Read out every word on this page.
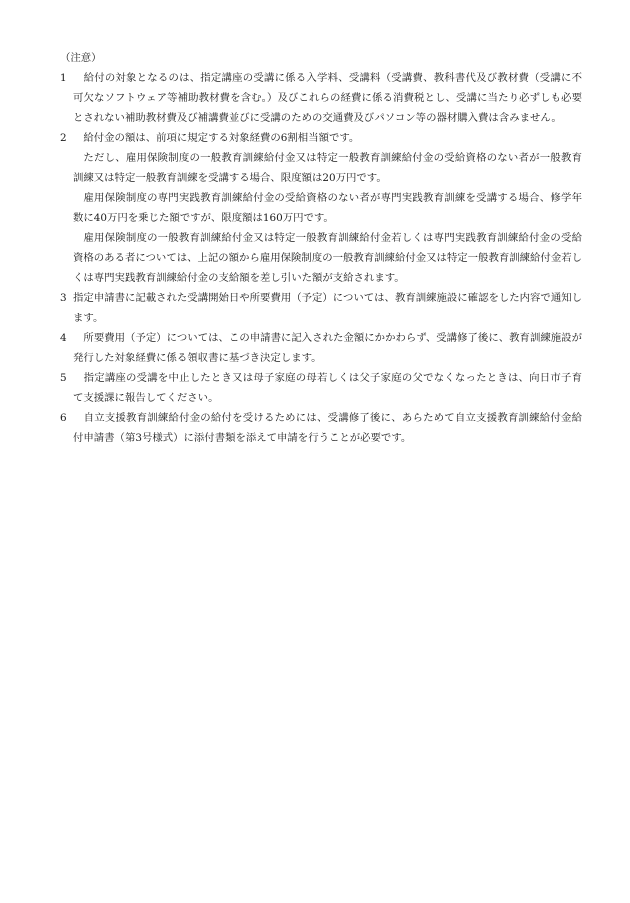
（注意）

1 　給付の対象となるのは、指定講座の受講に係る入学料、受講料（受講費、教科書代及び教材費（受講に不可欠なソフトウェア等補助教材費を含む。）及びこれらの経費に係る消費税とし、受講に当たり必ずしも必要とされない補助教材費及び補講費並びに受講のための交通費及びパソコン等の器材購入費は含みません。
2 　給付金の額は、前項に規定する対象経費の6割相当額です。

ただし、雇用保険制度の一般教育訓練給付金又は特定一般教育訓練給付金の受給資格のない者が一般教育訓練又は特定一般教育訓練を受講する場合、限度額は20万円です。

雇用保険制度の専門実践教育訓練給付金の受給資格のない者が専門実践教育訓練を受講する場合、修学年数に40万円を乗じた額ですが、限度額は160万円です。

雇用保険制度の一般教育訓練給付金又は特定一般教育訓練給付金若しくは専門実践教育訓練給付金の受給資格のある者については、上記の額から雇用保険制度の一般教育訓練給付金又は特定一般教育訓練給付金若しくは専門実践教育訓練給付金の支給額を差し引いた額が支給されます。

3 指定申請書に記載された受講開始日や所要費用（予定）については、教育訓練施設に確認をした内容で通知します。
4 　所要費用（予定）については、この申請書に記入された金額にかかわらず、受講修了後に、教育訓練施設が発行した対象経費に係る領収書に基づき決定します。
5 　指定講座の受講を中止したとき又は母子家庭の母若しくは父子家庭の父でなくなったときは、向日市子育て支援課に報告してください。
6 　自立支援教育訓練給付金の給付を受けるためには、受講修了後に、あらためて自立支援教育訓練給付金給付申請書（第3号様式）に添付書類を添えて申請を行うことが必要です。
